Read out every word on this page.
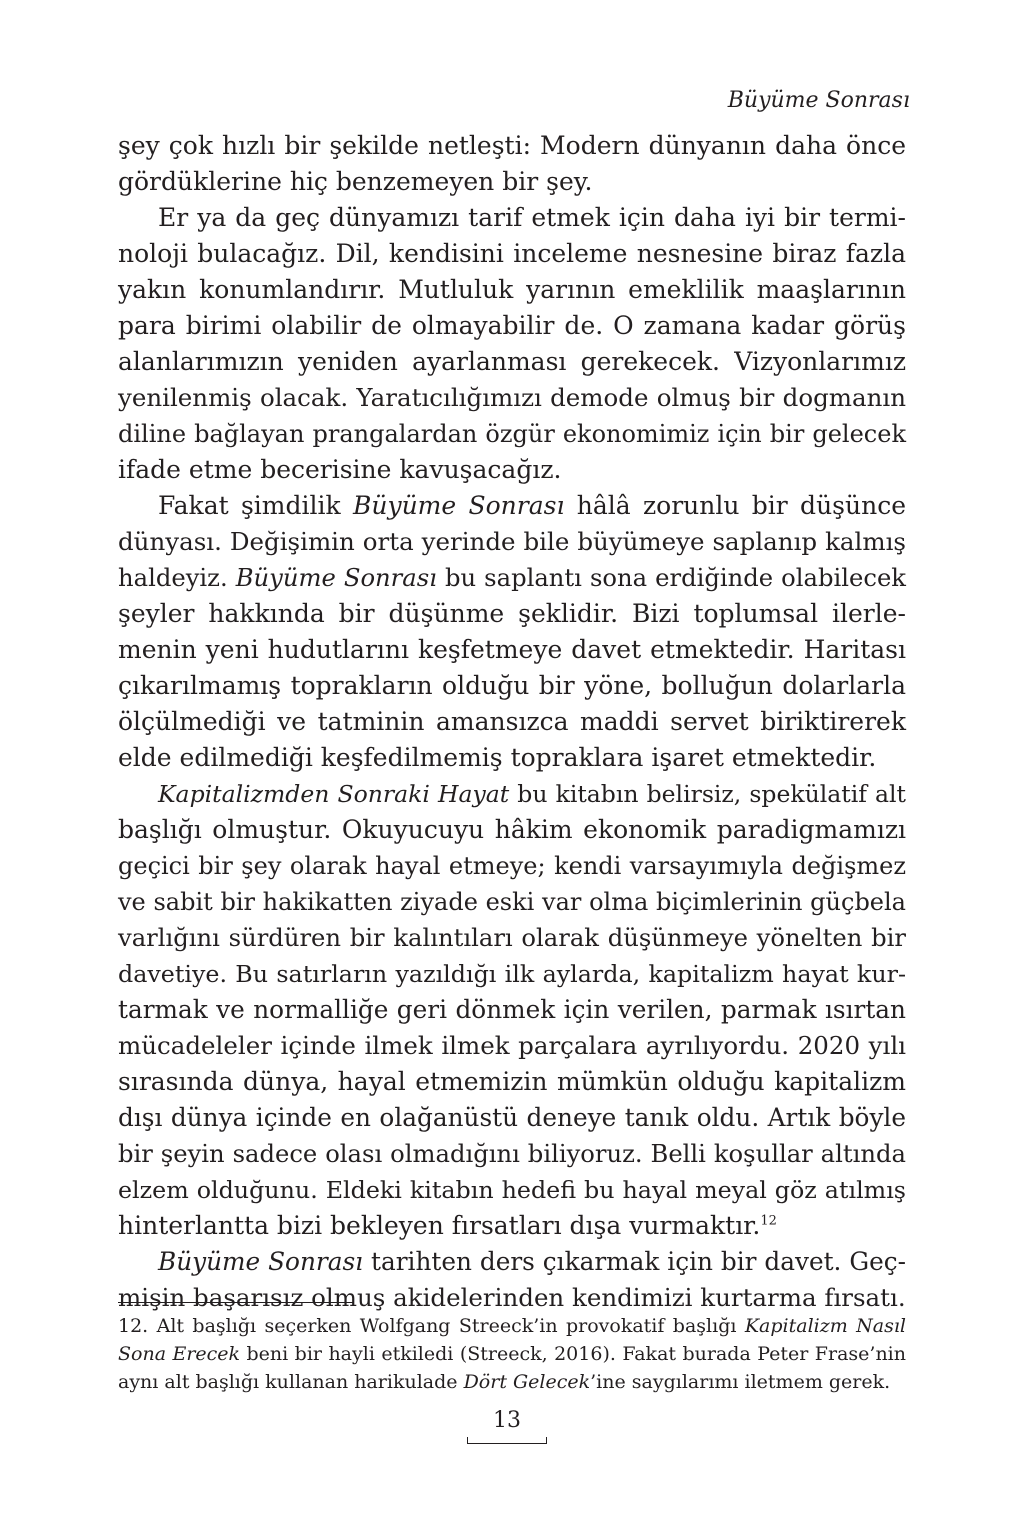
Büyüme Sonrası
şey çok hızlı bir şekilde netleşti: Modern dünyanın daha önce
gördüklerine hiç benzemeyen bir şey.
Er ya da geç dünyamızı tarif etmek için daha iyi bir termi-
noloji bulacağız. Dil, kendisini inceleme nesnesine biraz fazla
yakın konumlandırır. Mutluluk yarının emeklilik maaşlarının
para birimi olabilir de olmayabilir de. O zamana kadar görüş
alanlarımızın yeniden ayarlanması gerekecek. Vizyonlarımız
yenilenmiş olacak. Yaratıcılığımızı demode olmuş bir dogmanın
diline bağlayan prangalardan özgür ekonomimiz için bir gelecek
ifade etme becerisine kavuşacağız.
Fakat şimdilik Büyüme Sonrası hâlâ zorunlu bir düşünce
dünyası. Değişimin orta yerinde bile büyümeye saplanıp kalmış
haldeyiz. Büyüme Sonrası bu saplantı sona erdiğinde olabilecek
şeyler hakkında bir düşünme şeklidir. Bizi toplumsal ilerle-
menin yeni hudutlarını keşfetmeye davet etmektedir. Haritası
çıkarılmamış toprakların olduğu bir yöne, bolluğun dolarlarla
ölçülmediği ve tatminin amansızca maddi servet biriktirerek
elde edilmediği keşfedilmemiş topraklara işaret etmektedir.
Kapitalizmden Sonraki Hayat bu kitabın belirsiz, spekülatif alt
başlığı olmuştur. Okuyucuyu hâkim ekonomik paradigmamızı
geçici bir şey olarak hayal etmeye; kendi varsayımıyla değişmez
ve sabit bir hakikatten ziyade eski var olma biçimlerinin güçbela
varlığını sürdüren bir kalıntıları olarak düşünmeye yönelten bir
davetiye. Bu satırların yazıldığı ilk aylarda, kapitalizm hayat kur-
tarmak ve normalliğe geri dönmek için verilen, parmak ısırtan
mücadeleler içinde ilmek ilmek parçalara ayrılıyordu. 2020 yılı
sırasında dünya, hayal etmemizin mümkün olduğu kapitalizm
dışı dünya içinde en olağanüstü deneye tanık oldu. Artık böyle
bir şeyin sadece olası olmadığını biliyoruz. Belli koşullar altında
elzem olduğunu. Eldeki kitabın hedefi bu hayal meyal göz atılmış
hinterlantta bizi bekleyen fırsatları dışa vurmaktır.$^{12}$
Büyüme Sonrası tarihten ders çıkarmak için bir davet. Geç-
mişin başarısız olmuş akidelerinden kendimizi kurtarma fırsatı.
12. Alt başlığı seçerken Wolfgang Streeck’in provokatif başlığı Kapitalizm Nasıl
Sona Erecek beni bir hayli etkiledi (Streeck, 2016). Fakat burada Peter Frase’nin
aynı alt başlığı kullanan harikulade Dört Gelecek’ine saygılarımı iletmem gerek.
13
